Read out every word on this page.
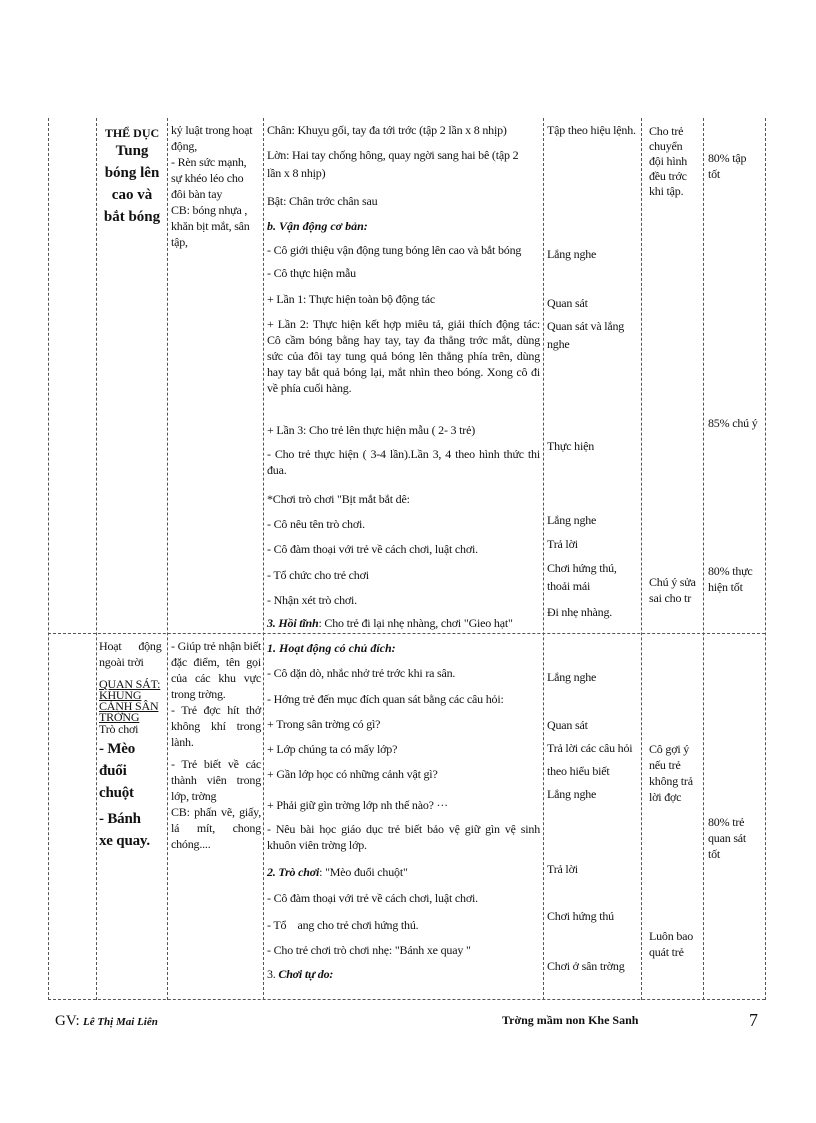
THỂ DỤC
Tung
bóng lên
cao và
bắt bóng
kỷ luật trong hoạt
động,
- Rèn sức mạnh,
sự khéo léo cho
đôi bàn tay
CB: bóng nhựa ,
khăn bịt mắt, sân
tập,
Chân: Khuỵu gối, tay đa tới trớc (tập 2 lần x 8 nhịp)
Lờn: Hai tay chống hông, quay ngời sang hai bê (tập 2
lần x 8 nhịp)
Bật: Chân trớc chân sau
b. Vận động cơ bản:
- Cô giới thiệu vận động tung bóng lên cao và bắt bóng
- Cô thực hiện mẫu
+ Lần 1: Thực hiện toàn bộ động tác
+ Lần 2: Thực hiện kết hợp miêu tả, giải thích động tác: Cô cầm bóng bằng hay tay, tay đa thẳng trớc mắt, dùng sức của đôi tay tung quả bóng lên thẳng phía trên, dùng hay tay bắt quả bóng lại, mắt nhìn theo bóng. Xong cô đi về phía cuối hàng.
+ Lần 3: Cho trẻ lên thực hiện mẫu ( 2- 3 trẻ)
- Cho trẻ thực hiện ( 3-4 lần).Lần 3, 4 theo hình thức thi đua.
*Chơi trò chơi "Bịt mắt bắt dê:
- Cô nêu tên trò chơi.
- Cô đàm thoại với trẻ về cách chơi, luật chơi.
- Tổ chức cho trẻ chơi
- Nhận xét trò chơi.
3. Hồi tĩnh: Cho trẻ đi lại nhẹ nhàng, chơi "Gieo hạt"
Tập theo hiệu lệnh.
Lắng nghe
Quan sát
Quan sát và lắng
nghe
Thực hiện
Lắng nghe
Trả lời
Chơi hứng thú,
thoải mái
Đi nhẹ nhàng.
Cho trẻ
chuyển
đội hình
đều trớc
khi tập.
Chú ý sửa
sai cho tr
80% tập
tốt
85% chú ý
80% thực
hiện tốt
Hoạt      động
ngoài trời
QUAN SÁT:
KHUNG
CẢNH SÂN
TRỜNG
Trò chơi
- Mèo
đuổi
chuột
- Bánh
xe quay.
- Giúp trẻ nhận biết đặc điểm, tên gọi của các khu vực trong trờng.
- Trẻ đợc hít thở không khí trong lành.
- Trẻ biết về các thành viên trong lớp, trờng
CB: phấn vẽ, giấy, lá mít, chong chóng....
1. Hoạt động có chủ đích:
- Cô dặn dò, nhắc nhở trẻ trớc khi ra sân.
- Hớng trẻ đến mục đích quan sát bằng các câu hỏi:
+ Trong sân trờng có gì?
+ Lớp chúng ta có mấy lớp?
+ Gần lớp học có những cảnh vật gì?
+ Phải giữ gìn trờng lớp nh thế nào? ···
- Nêu bài học giáo dục trẻ biết bảo vệ giữ gìn vệ sinh khuôn viên trờng lớp.
2. Trò chơi: "Mèo đuổi chuột"
- Cô đàm thoại với trẻ về cách chơi, luật chơi.
- Tổ    ang cho trẻ chơi hứng thú.
- Cho trẻ chơi trò chơi nhẹ: "Bánh xe quay "
3. Chơi tự do:
Lắng nghe
Quan sát
Trả lời các câu hỏi
theo hiểu biết
Lắng nghe
Trả lời
Chơi hứng thú
Chơi ở sân trờng
Cô gợi ý
nếu trẻ
không trả
lời đợc
Luôn bao
quát trẻ
80% trẻ
quan sát
tốt
GV: Lê Thị Mai Liên	Trờng mầm non Khe Sanh	7
